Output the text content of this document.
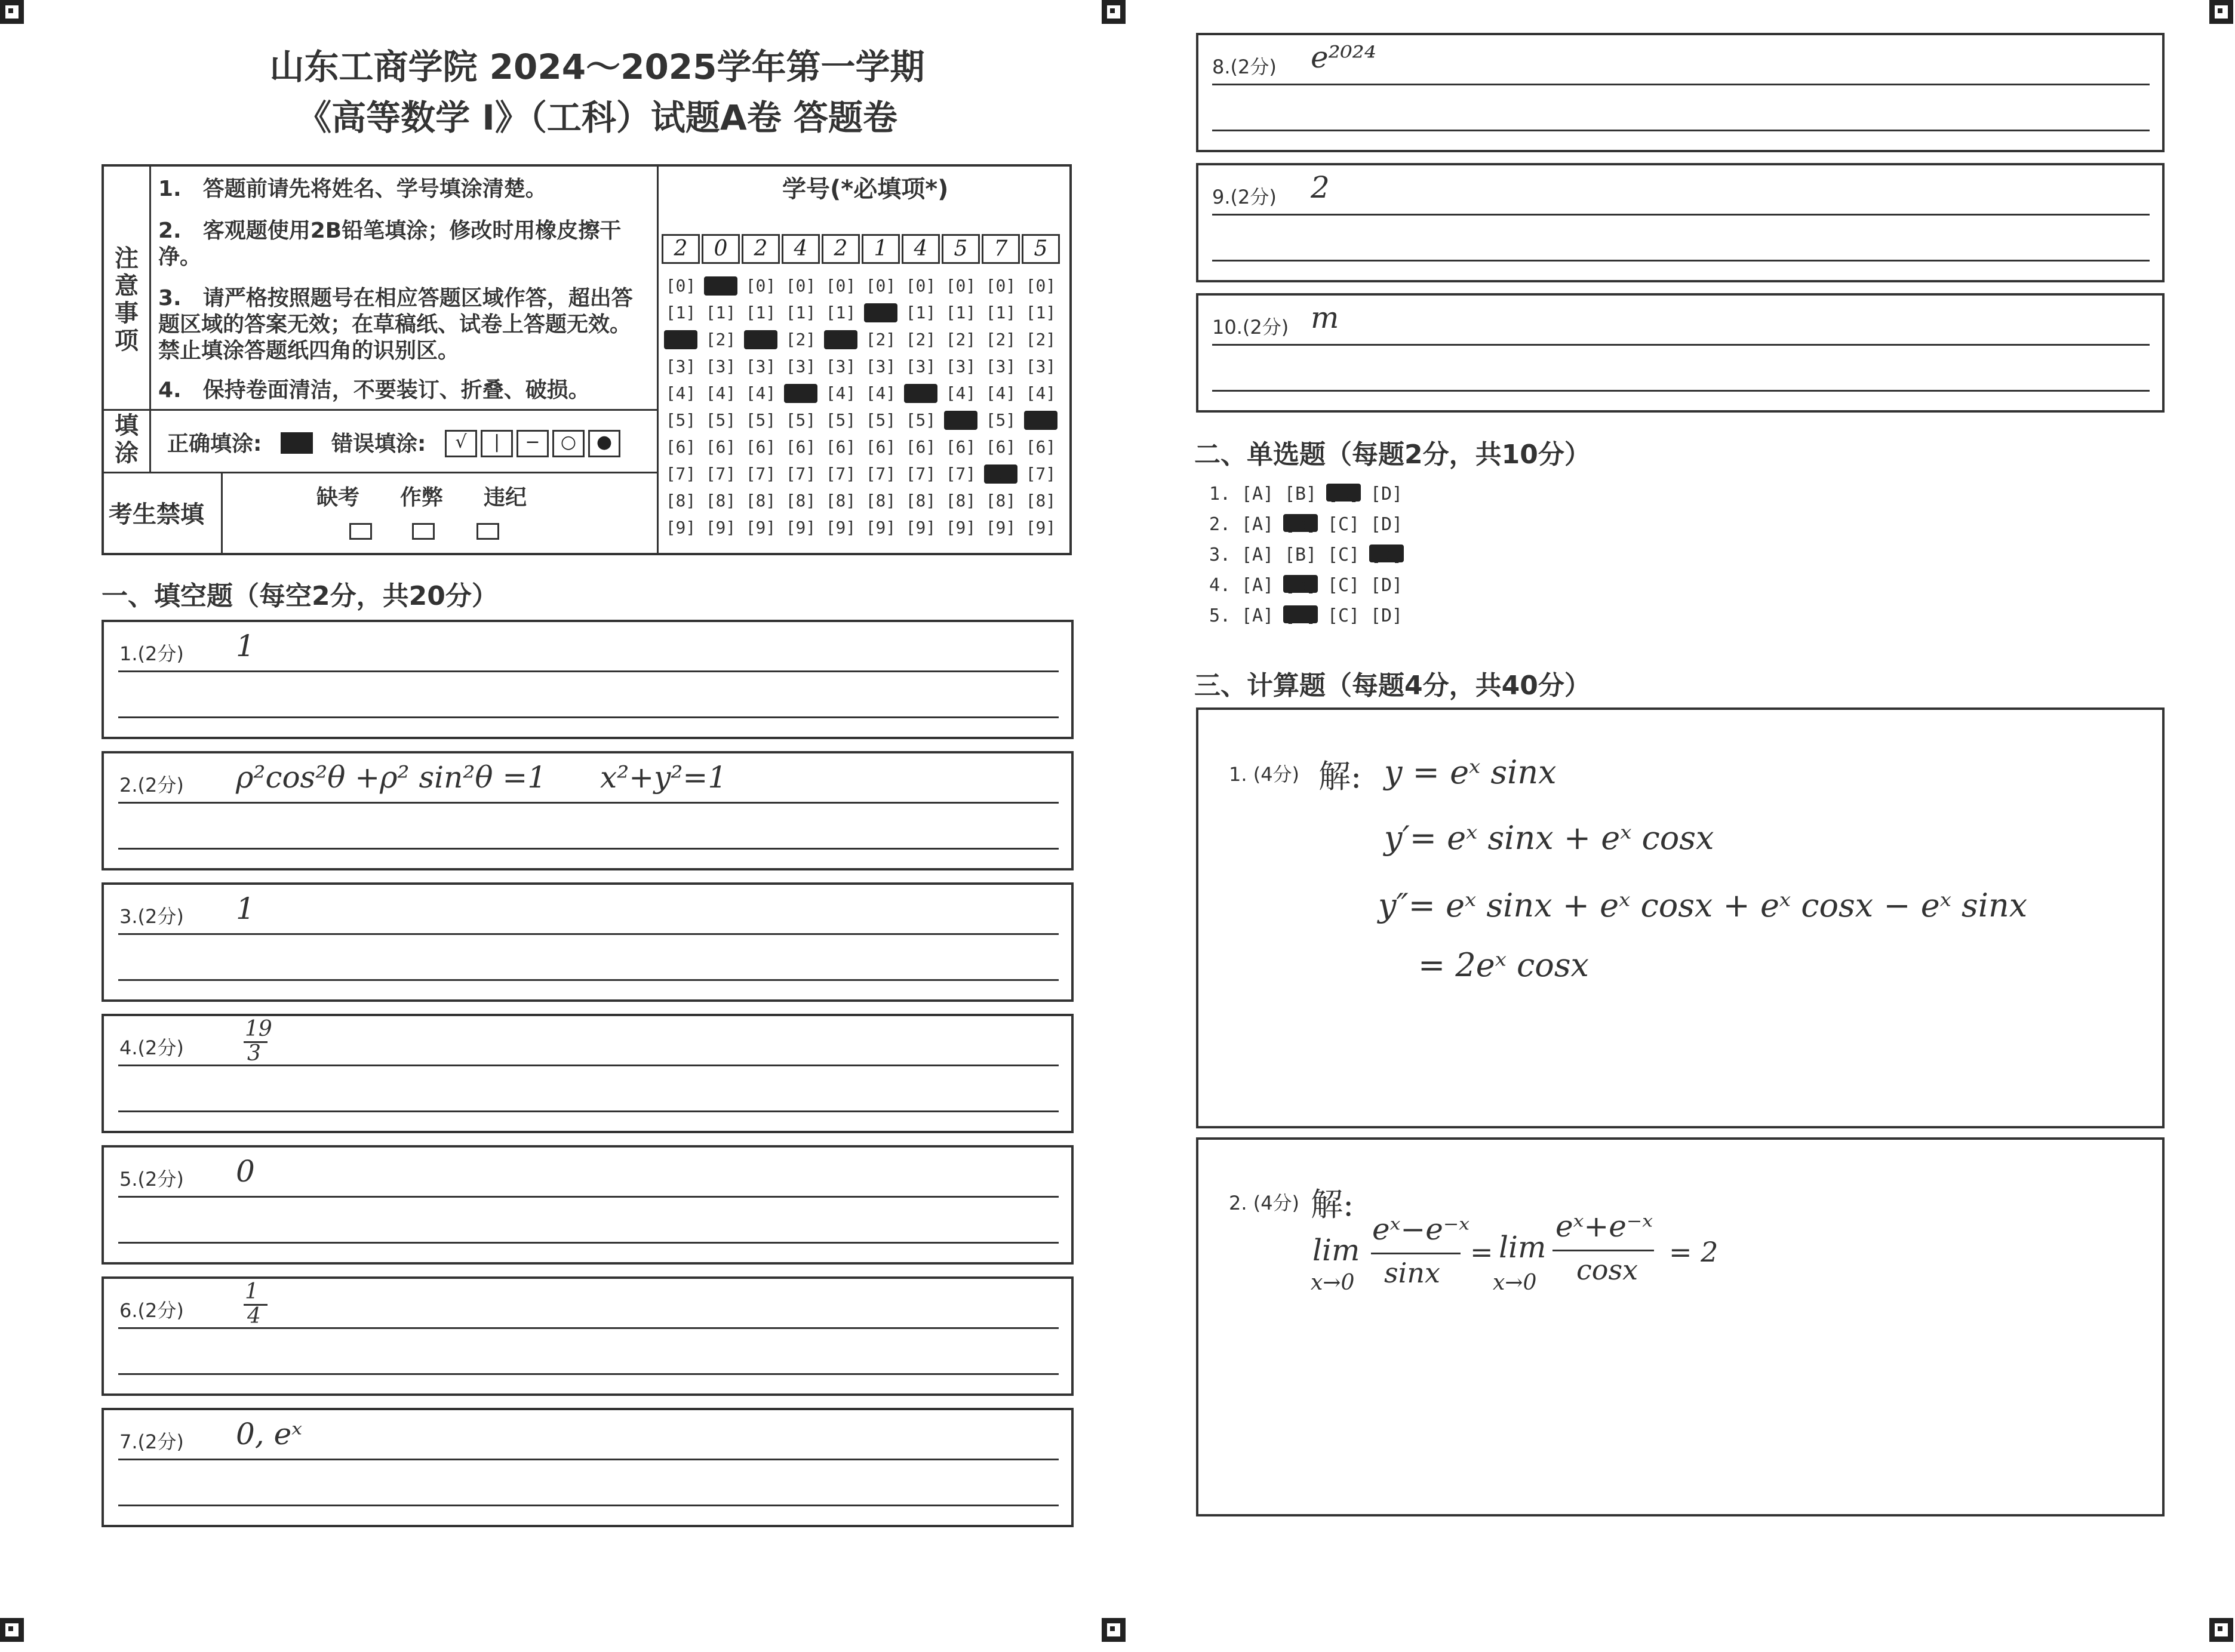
山东工商学院 2024～2025学年第一学期
《高等数学 I》（工科）试题A卷 答题卷
注意事项
1.　答题前请先将姓名、学号填涂清楚。
2.　客观题使用2B铅笔填涂；修改时用橡皮擦干净。
3.　请严格按照题号在相应答题区域作答，超出答题区域的答案无效；在草稿纸、试卷上答题无效。禁止填涂答题纸四角的识别区。
4.　保持卷面清洁，不要装订、折叠、破损。
填涂 正确填涂:	错误填涂:	√ | − ○ ●
考生禁填
缺考 作弊 违纪
学号(*必填项*)
2
[0]
[1]
[2]
[3]
[4]
[5]
[6]
[7]
[8]
[9]
0
[0]
[1]
[2]
[3]
[4]
[5]
[6]
[7]
[8]
[9]
2
[0]
[1]
[2]
[3]
[4]
[5]
[6]
[7]
[8]
[9]
4
[0]
[1]
[2]
[3]
[4]
[5]
[6]
[7]
[8]
[9]
2
[0]
[1]
[2]
[3]
[4]
[5]
[6]
[7]
[8]
[9]
1
[0]
[1]
[2]
[3]
[4]
[5]
[6]
[7]
[8]
[9]
4
[0]
[1]
[2]
[3]
[4]
[5]
[6]
[7]
[8]
[9]
5
[0]
[1]
[2]
[3]
[4]
[5]
[6]
[7]
[8]
[9]
7
[0]
[1]
[2]
[3]
[4]
[5]
[6]
[7]
[8]
[9]
5
[0]
[1]
[2]
[3]
[4]
[5]
[6]
[7]
[8]
[9]
一、填空题（每空2分，共20分）
1.(2分) 1
2.(2分) ρ²cos²θ +ρ² sin²θ =1 x²+y²=1
3.(2分) 1
4.(2分)
19
3
5.(2分) 0
6.(2分)
1
4
7.(2分) 0, eˣ
8.(2分) e²⁰²⁴
9.(2分) 2
10.(2分) m
二、单选题（每题2分，共10分）
1. [A] [B] [C] [D]
2. [A] [B] [C] [D]
3. [A] [B] [C] [D]
4. [A] [B] [C] [D]
5. [A] [B] [C] [D]
三、计算题（每题4分，共40分）
1. (4分) 解: y = eˣ sinx
y′= eˣ sinx + eˣ cosx
y″= eˣ sinx + eˣ cosx + eˣ cosx − eˣ sinx
= 2eˣ cosx
2. (4分) 解:
lim
x→0
eˣ−e⁻ˣ
sinx
= lim
x→0
eˣ+e⁻ˣ
cosx
= 2
